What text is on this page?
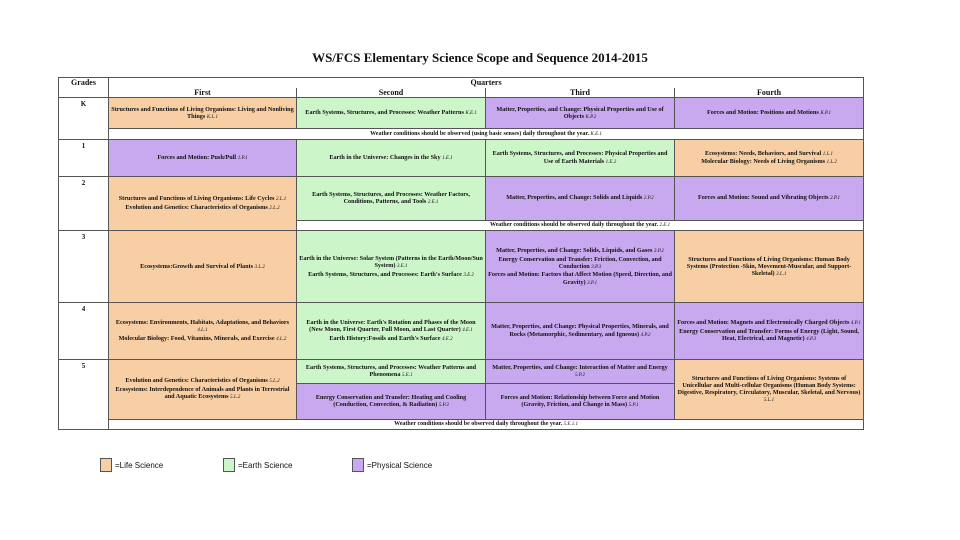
WS/FCS Elementary Science Scope and Sequence 2014-2015
Grades	Quarters			
	First	Second	Third	Fourth
K	Structures and Functions of Living Organisms: Living and Nonliving Things K.L.1	Earth Systems, Structures, and Processes: Weather Patterns K.E.1	Matter, Properties, and Change: Physical Properties and Use of Objects K.P.2	Forces and Motion: Positions and Motions K.P.1
	Weather conditions should be observed (using basic senses) daily throughout the year. K.E.1			
1	Forces and Motion: Push/Pull 1.P.1	Earth in the Universe: Changes in the Sky 1.E.1	Earth Systems, Structures, and Processes: Physical Properties and Use of Earth Materials 1.E.2	Ecosystems: Needs, Behaviors, and Survival 1.L.1
Molecular Biology: Needs of Living Organisms 1.L.2

2	Structures and Functions of Living Organisms: Life Cycles 2.L.1
Evolution and Genetics: Characteristics of Organisms 2.L.2	Earth Systems, Structures, and Processes: Weather Factors, Conditions, Patterns, and Tools 2.E.1	Matter, Properties, and Change: Solids and Liquids 2.P.2	Forces and Motion: Sound and Vibrating Objects 2.P.1
		Weather conditions should be observed daily throughout the year. 2.E.1		
3	Ecosystems:Growth and Survival of Plants 3.L.2	Earth in the Universe: Solar System (Patterns in the Earth/Moon/Sun System) 3.E.1
Earth Systems, Structures, and Processes: Earth's Surface 3.E.2	Matter, Properties, and Change: Solids, Liquids, and Gases 3.P.2
Energy Conservation and Transfer: Friction, Convection, and Conduction 3.P.3
Forces and Motion: Factors that Affect Motion (Speed, Direction, and Gravity) 3.P.1	Structures and Functions of Living Organisms: Human Body Systems (Protection -Skin, Movement-Muscular, and Support-Skeletal) 3.L.1
4	Ecosystems: Environments, Habitats, Adaptations, and Behaviors 4.L.1
Molecular Biology: Food, Vitamins, Minerals, and Exercise 4.L.2	Earth in the Universe: Earth's Rotation and Phases of the Moon (New Moon, First Quarter, Full Moon, and Last Quarter) 4.E.1
Earth History:Fossils and Earth's Surface 4.E.2	Matter, Properties, and Change: Physical Properties, Minerals, and Rocks (Metamorphic, Sedimentary, and Igneous) 4.P.2	Forces and Motion: Magnets and Electronically Charged Objects 4.P.1
Energy Conservation and Transfer: Forms of Energy (Light, Sound, Heat, Electrical, and Magnetic) 4.P.3

5	Evolution and Genetics: Characteristics of Organisms 5.L.2
Ecosystems: Interdependence of Animals and Plants in Terrestrial and Aquatic Ecosystems 5.L.2	Earth Systems, Structures, and Processes: Weather Patterns and Phenomena 5.E.1	Matter, Properties, and Change: Interaction of Matter and Energy 5.P.2	Structures and Functions of Living Organisms: Systems of Unicellular and Multi-cellular Organisms (Human Body Systems: Digestive, Respiratory, Circulatory, Muscular, Skeletal, and Nervous) 5.L.1
		Energy Conservation and Transfer: Heating and Cooling (Conduction, Convection, & Radiation) 5.P.3	Forces and Motion: Relationship between Force and Motion (Gravity, Friction, and Change in Mass) 5.P.1	
	Weather conditions should be observed daily throughout the year. 5.E.1.1			
=Life Science	=Earth Science	=Physical Science
